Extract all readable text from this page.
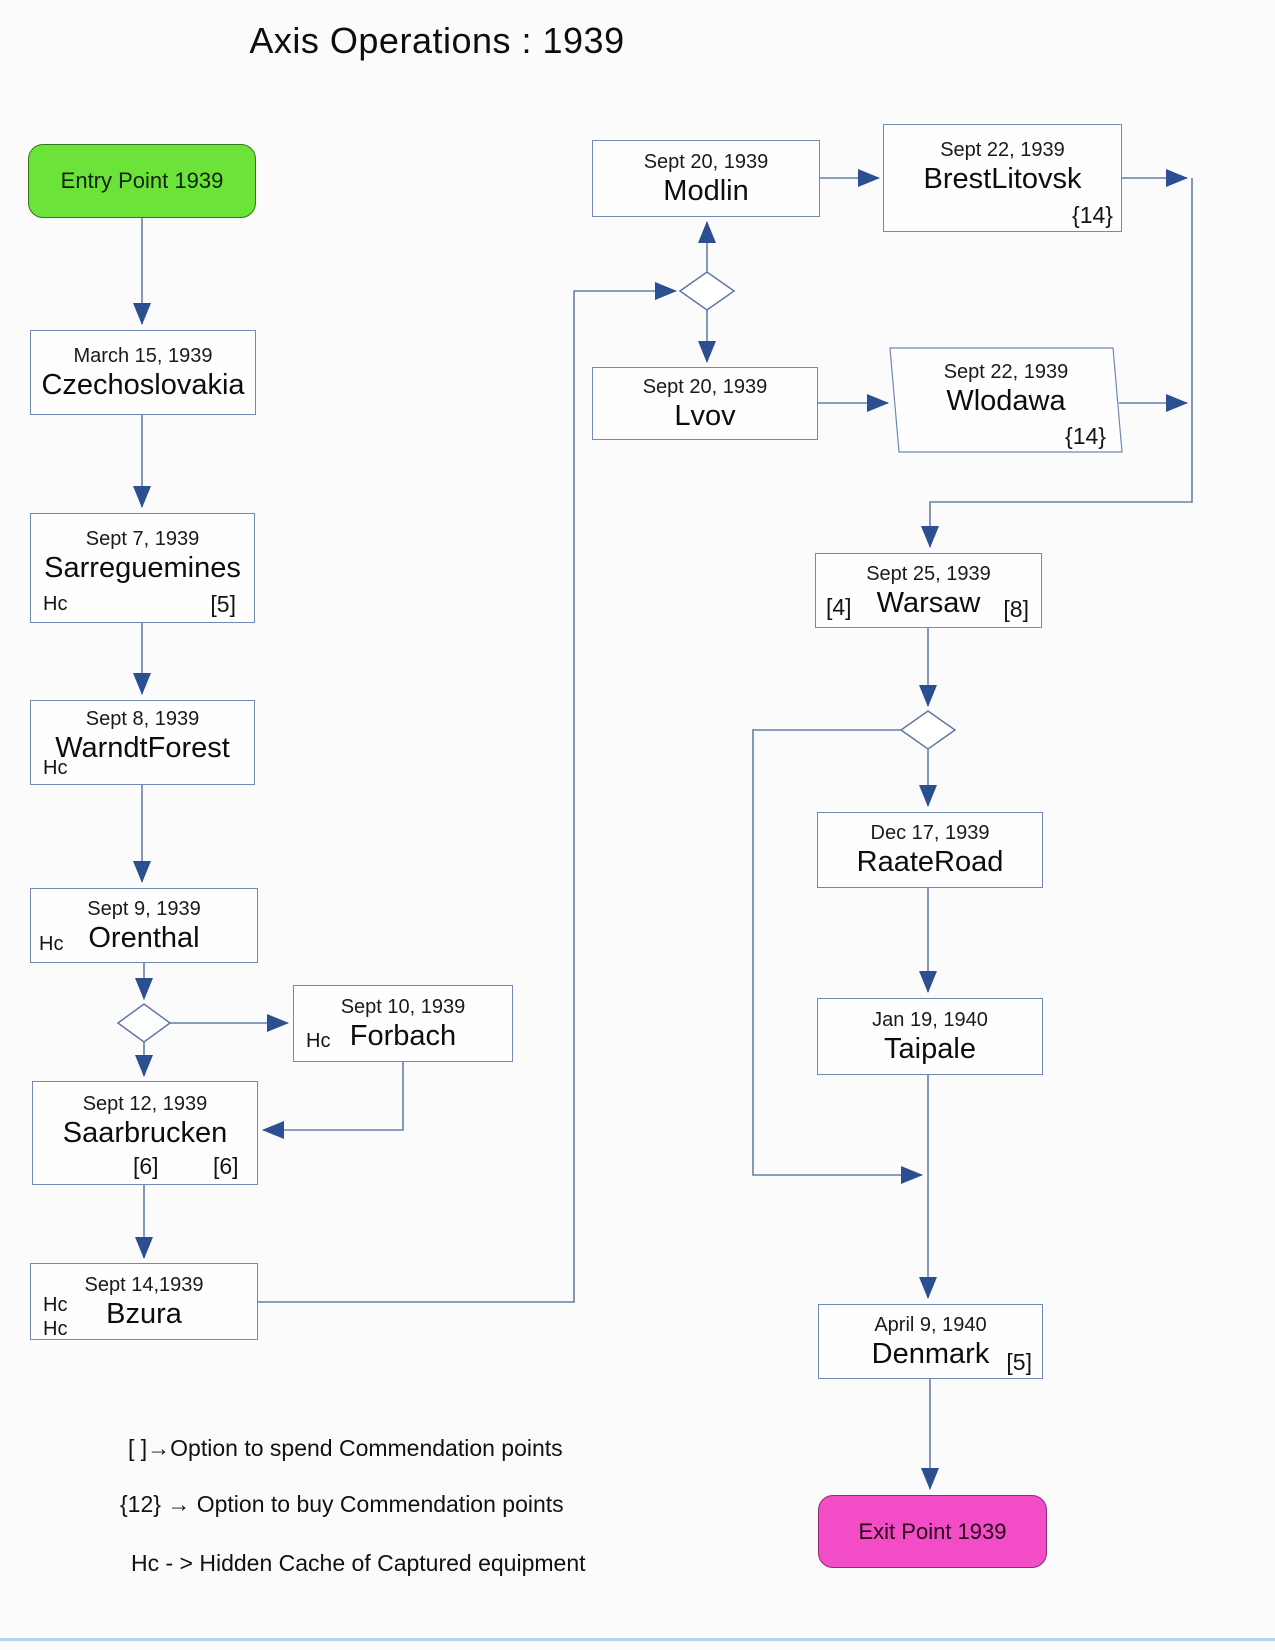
Axis Operations : 1939
Entry Point 1939
March 15, 1939
Czechoslovakia
Sept 7, 1939
Sarreguemines
Hc	[5]
Sept 8, 1939
WarndtForest
Hc
Sept 9, 1939
Orenthal
Hc
Sept 10, 1939
Forbach
Hc
Sept 12, 1939
Saarbrucken
[6] [6]
Sept 14,1939
Bzura
Hc
Hc
Sept 20, 1939
Modlin
Sept 22, 1939
BrestLitovsk
{14}
Sept 20, 1939
Lvov
Sept 22, 1939
Wlodawa
{14}
Sept 25, 1939
Warsaw
[4]	[8]
Dec 17, 1939
RaateRoad
Jan 19, 1940
Taipale
April 9, 1940
Denmark [5]
Exit Point 1939
[ ]→Option to spend Commendation points
{12} → Option to buy Commendation points
Hc - > Hidden Cache of Captured equipment
